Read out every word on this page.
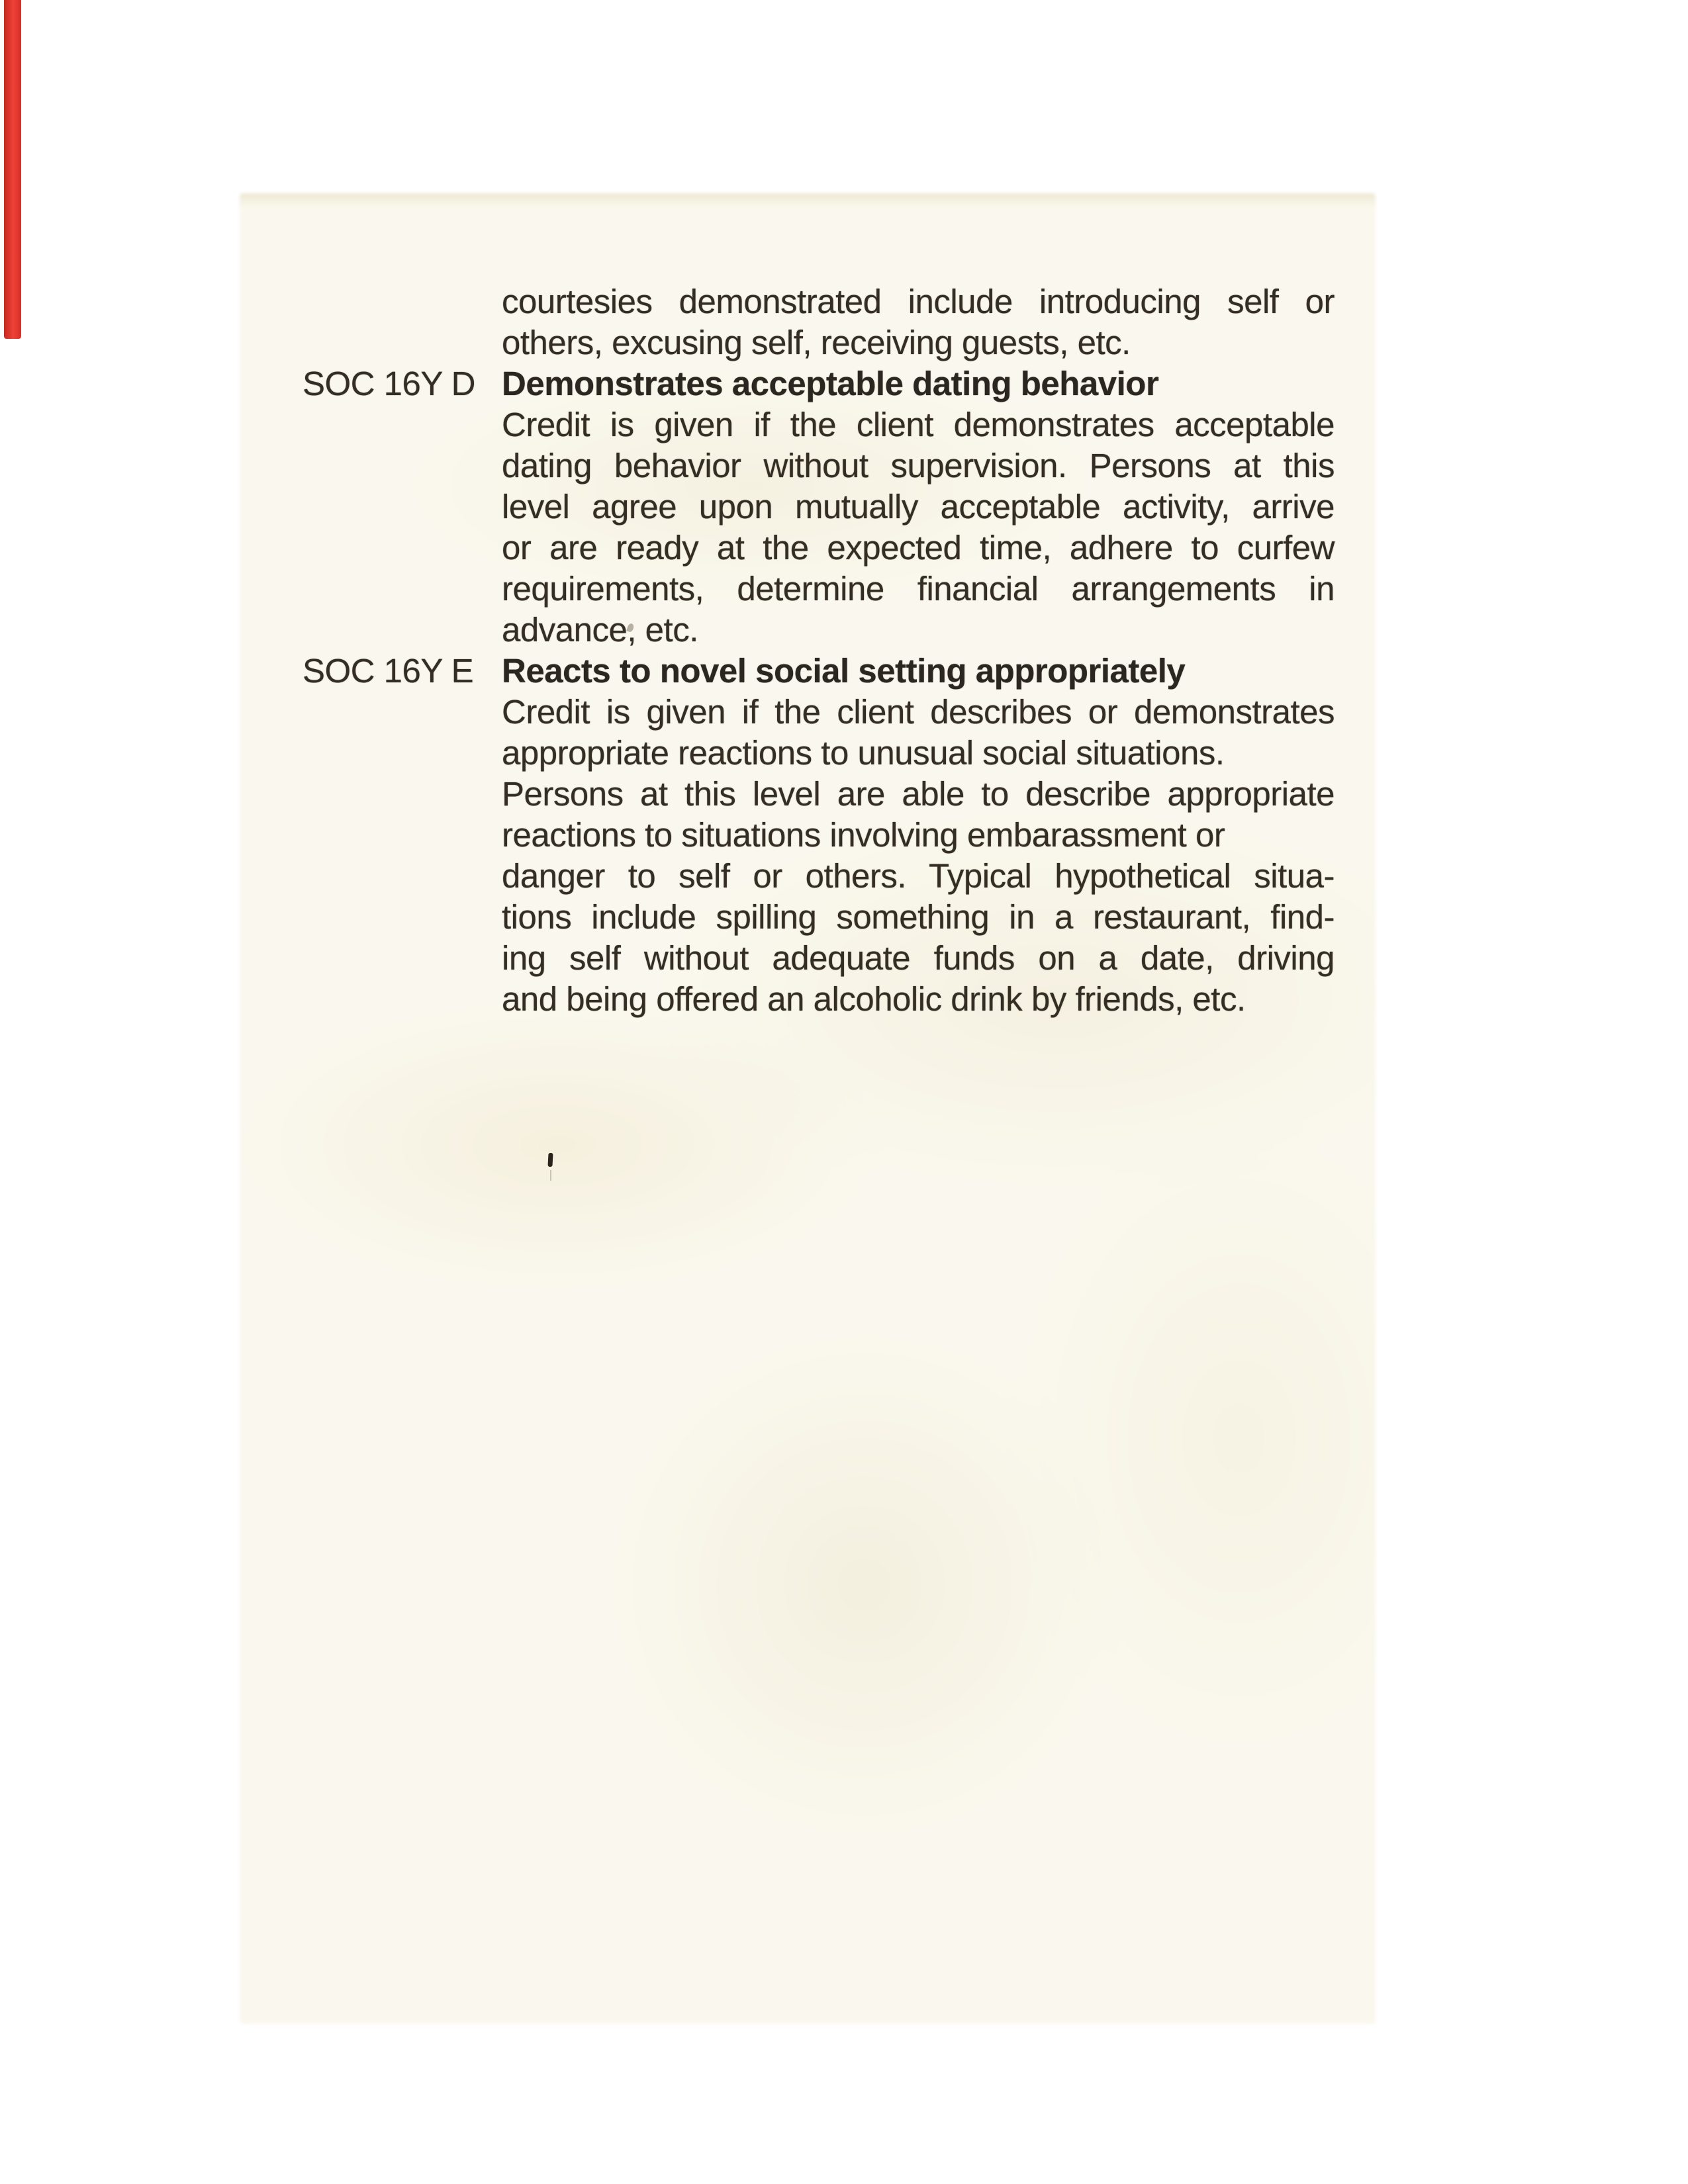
SOC 16Y D
SOC 16Y E
courtesies demonstrated include introducing self or
others, excusing self, receiving guests, etc.
Demonstrates acceptable dating behavior
Credit is given if the client demonstrates acceptable
dating behavior without supervision. Persons at this
level agree upon mutually acceptable activity, arrive
or are ready at the expected time, adhere to curfew
requirements, determine financial arrangements in
advance, etc.
Reacts to novel social setting appropriately
Credit is given if the client describes or demonstrates
appropriate reactions to unusual social situations.
Persons at this level are able to describe appropriate
reactions to situations involving embarassment or
danger to self or others. Typical hypothetical situa-
tions include spilling something in a restaurant, find-
ing self without adequate funds on a date, driving
and being offered an alcoholic drink by friends, etc.
